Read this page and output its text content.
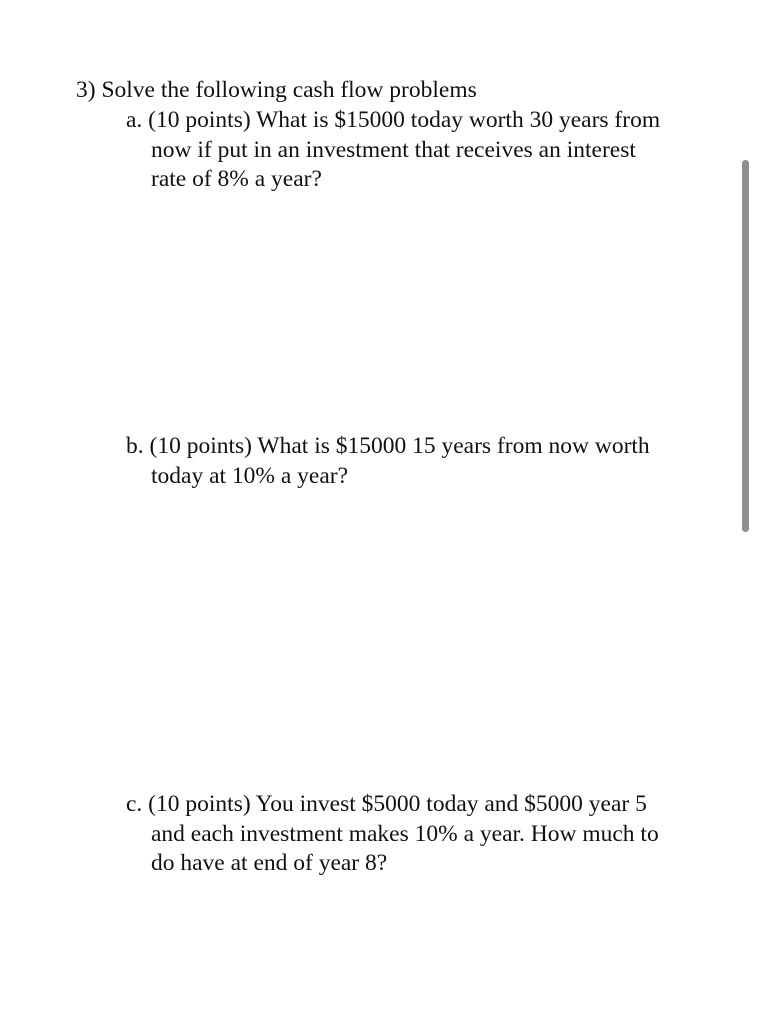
3) Solve the following cash flow problems
a. (10 points) What is $15000 today worth 30 years from
now if put in an investment that receives an interest
rate of 8% a year?
b. (10 points) What is $15000 15 years from now worth
today at 10% a year?
c. (10 points) You invest $5000 today and $5000 year 5
and each investment makes 10% a year. How much to
do have at end of year 8?
